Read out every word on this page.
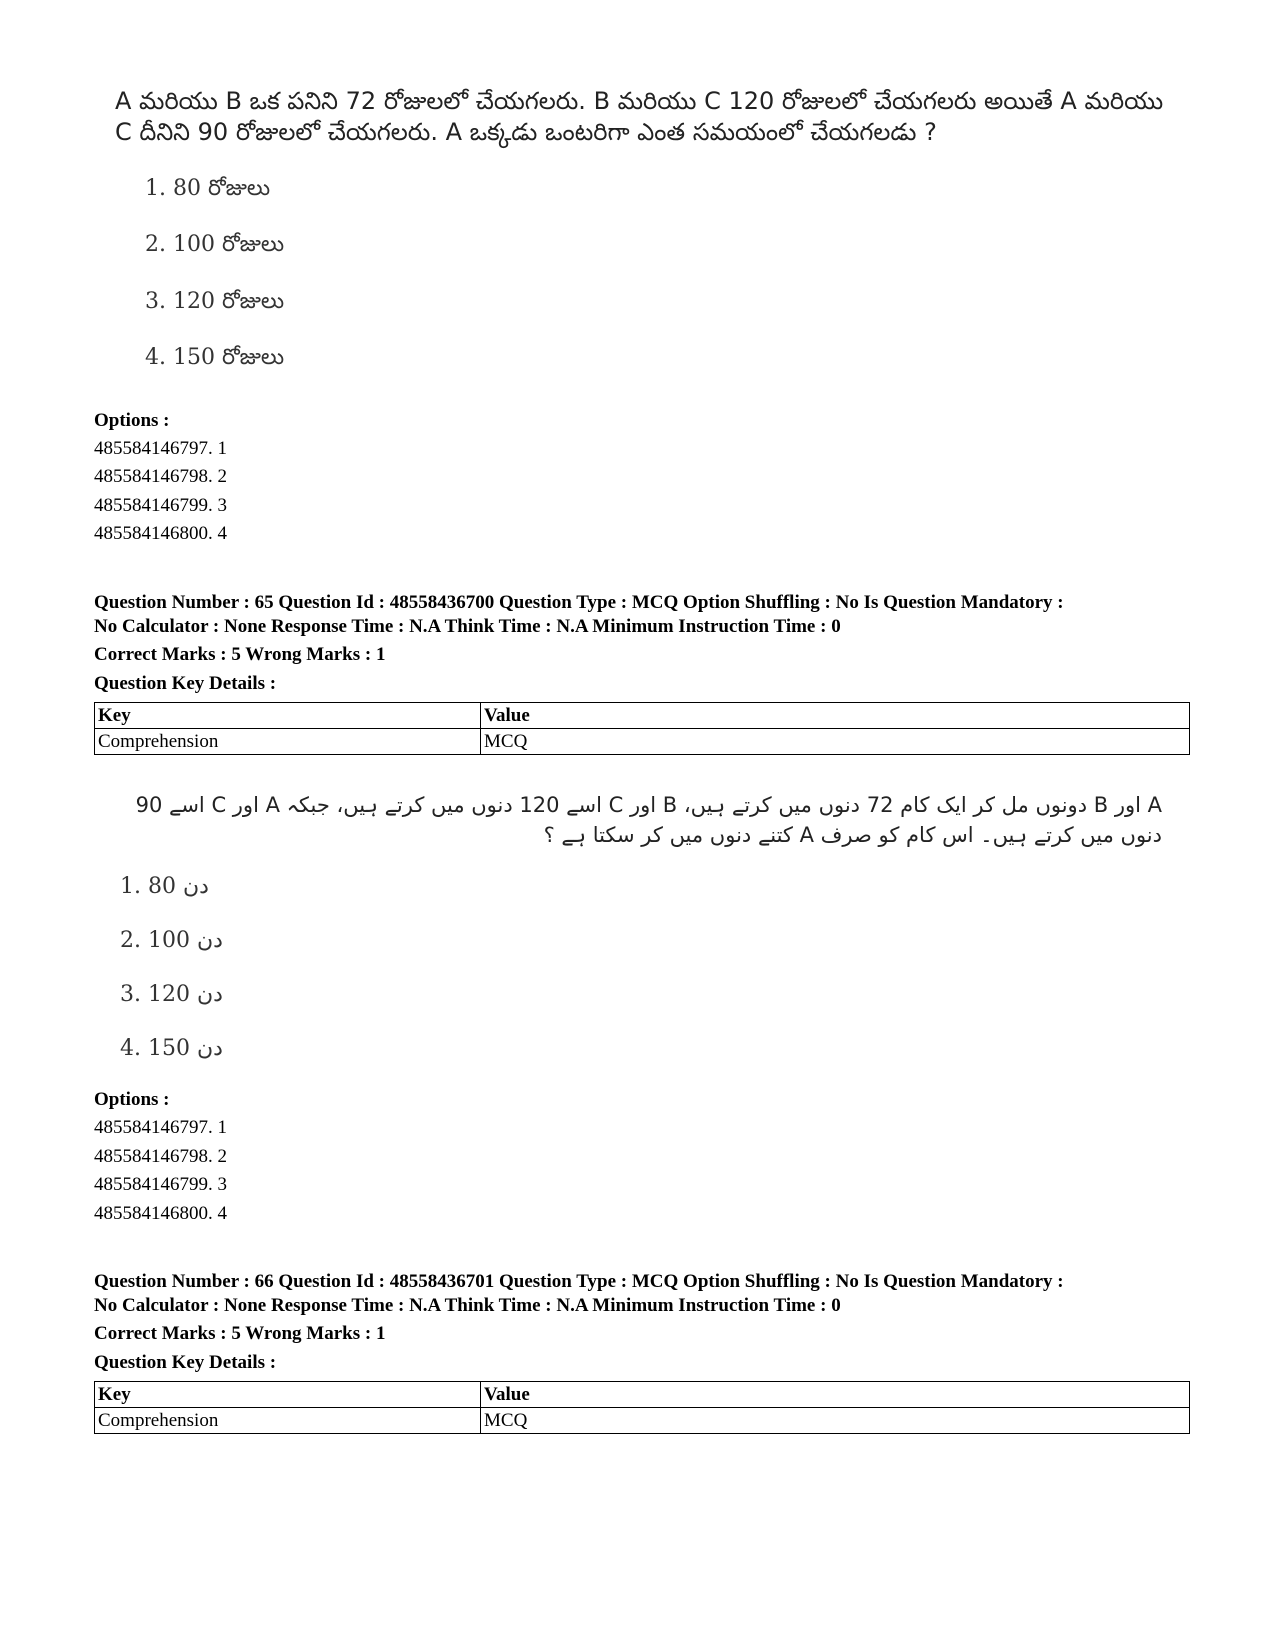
A మరియు B ఒక పనిని 72 రోజులలో చేయగలరు. B మరియు C 120 రోజులలో చేయగలరు అయితే A మరియు C దీనిని 90 రోజులలో చేయగలరు. A ఒక్కడు ఒంటరిగా ఎంత సమయంలో చేయగలడు ?
1. 80 రోజులు
2. 100 రోజులు
3. 120 రోజులు
4. 150 రోజులు
Options :
485584146797. 1
485584146798. 2
485584146799. 3
485584146800. 4
Question Number : 65 Question Id : 48558436700 Question Type : MCQ Option Shuffling : No Is Question Mandatory :
No Calculator : None Response Time : N.A Think Time : N.A Minimum Instruction Time : 0
Correct Marks : 5 Wrong Marks : 1
Question Key Details :
Key	Value
Comprehension	MCQ
A اور B دونوں مل کر ایک کام 72 دنوں میں کرتے ہیں، B اور C اسے 120 دنوں میں کرتے ہیں، جبکہ A اور C اسے 90 دنوں میں کرتے ہیں۔ اس کام کو صرف A کتنے دنوں میں کر سکتا ہے ؟
1. 80 دن
2. 100 دن
3. 120 دن
4. 150 دن
Options :
485584146797. 1
485584146798. 2
485584146799. 3
485584146800. 4
Question Number : 66 Question Id : 48558436701 Question Type : MCQ Option Shuffling : No Is Question Mandatory :
No Calculator : None Response Time : N.A Think Time : N.A Minimum Instruction Time : 0
Correct Marks : 5 Wrong Marks : 1
Question Key Details :
Key	Value
Comprehension	MCQ
